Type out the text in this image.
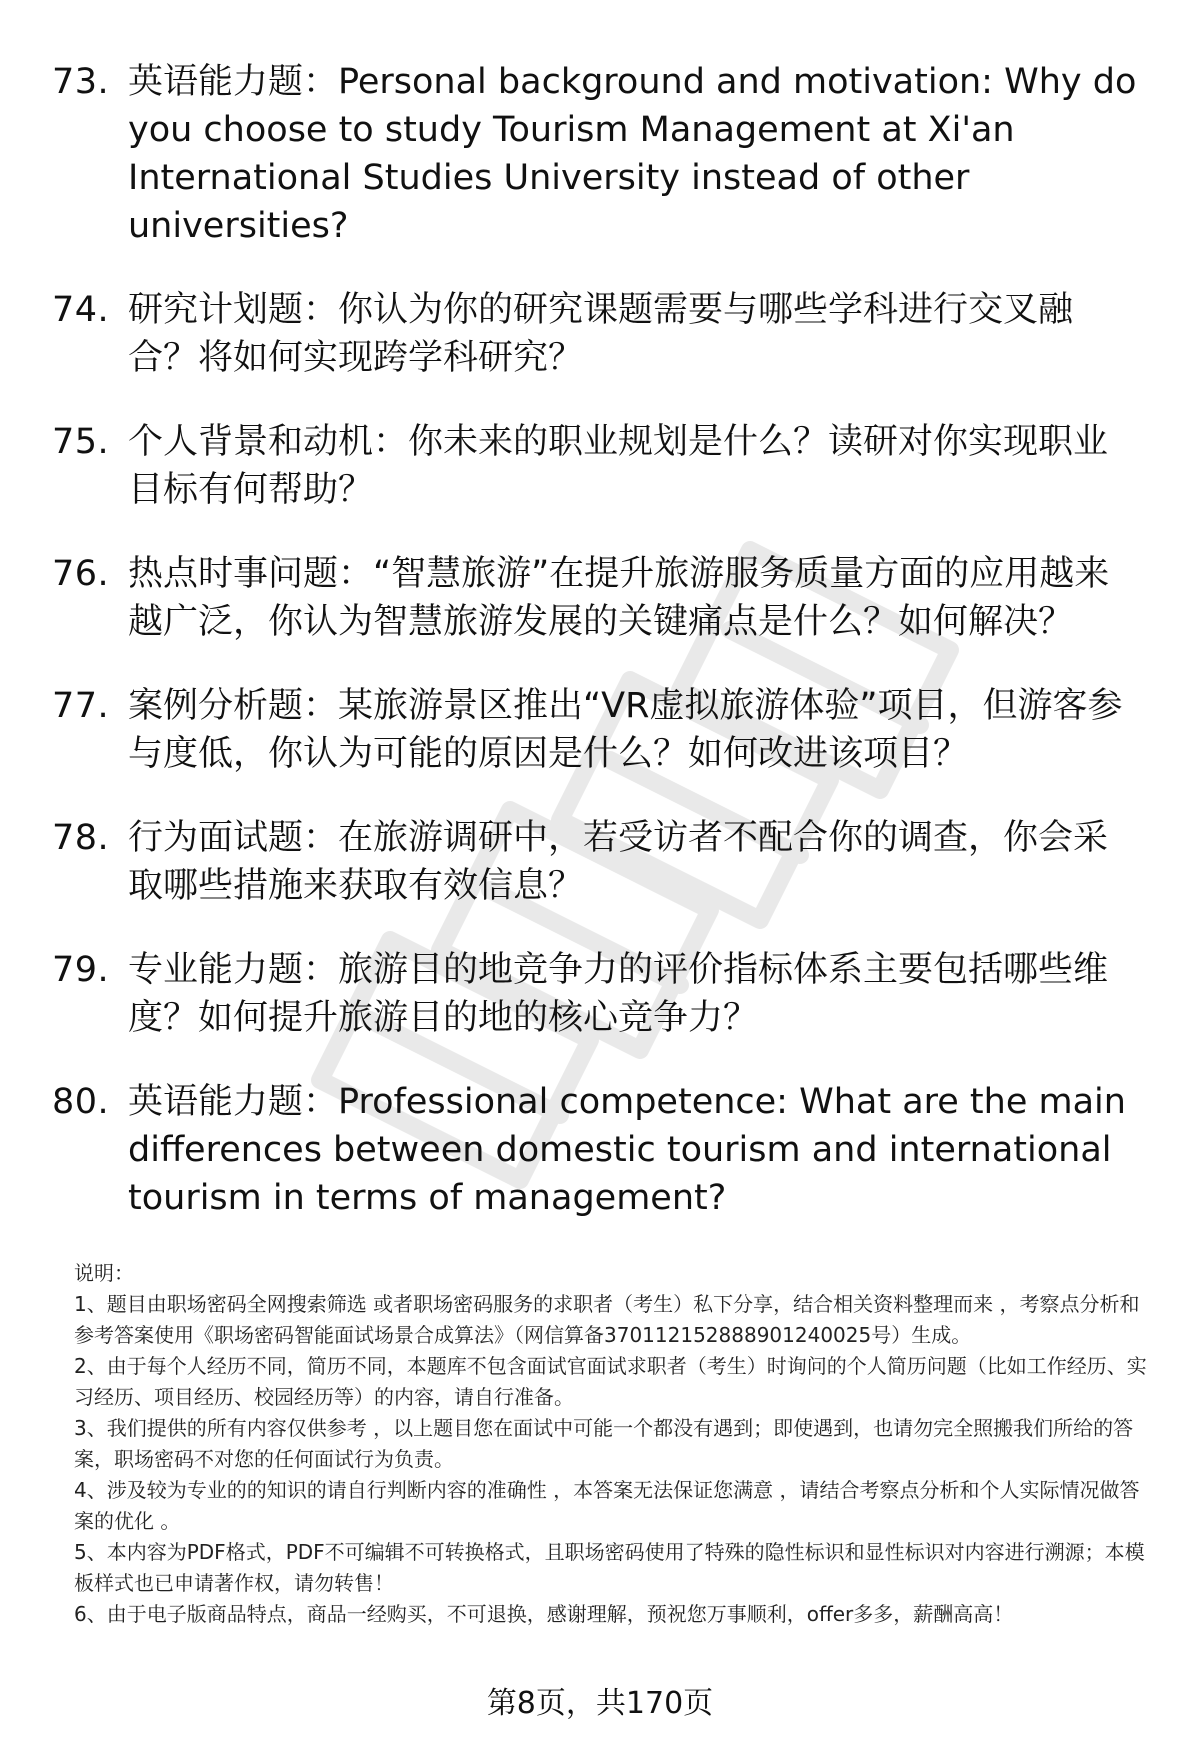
73. 英语能力题：Personal background and motivation: Why do you choose to study Tourism Management at Xi'an International Studies University instead of other universities?
74. 研究计划题：你认为你的研究课题需要与哪些学科进行交叉融合？将如何实现跨学科研究？
75. 个人背景和动机：你未来的职业规划是什么？读研对你实现职业目标有何帮助？
76. 热点时事问题：“智慧旅游”在提升旅游服务质量方面的应用越来越广泛，你认为智慧旅游发展的关键痛点是什么？如何解决？
77. 案例分析题：某旅游景区推出“VR虚拟旅游体验”项目，但游客参与度低，你认为可能的原因是什么？如何改进该项目？
78. 行为面试题：在旅游调研中，若受访者不配合你的调查，你会采取哪些措施来获取有效信息？
79. 专业能力题：旅游目的地竞争力的评价指标体系主要包括哪些维度？如何提升旅游目的地的核心竞争力？
80. 英语能力题：Professional competence: What are the main differences between domestic tourism and international tourism in terms of management?

说明：

1、题目由职场密码全网搜索筛选 或者职场密码服务的求职者（考生）私下分享，结合相关资料整理而来 ，考察点分析和参考答案使用《职场密码智能面试场景合成算法》（网信算备370112152888901240025号）生成。

2、由于每个人经历不同，简历不同，本题库不包含面试官面试求职者（考生）时询问的个人简历问题（比如工作经历、实习经历、项目经历、校园经历等）的内容，请自行准备。

3、我们提供的所有内容仅供参考 ，以上题目您在面试中可能一个都没有遇到；即使遇到，也请勿完全照搬我们所给的答案，职场密码不对您的任何面试行为负责。

4、涉及较为专业的的知识的请自行判断内容的准确性 ，本答案无法保证您满意 ，请结合考察点分析和个人实际情况做答案的优化 。

5、本内容为PDF格式，PDF不可编辑不可转换格式，且职场密码使用了特殊的隐性标识和显性标识对内容进行溯源；本模板样式也已申请著作权，请勿转售！

6、由于电子版商品特点，商品一经购买，不可退换，感谢理解，预祝您万事顺利，offer多多，薪酬高高！

第8页，共170页
